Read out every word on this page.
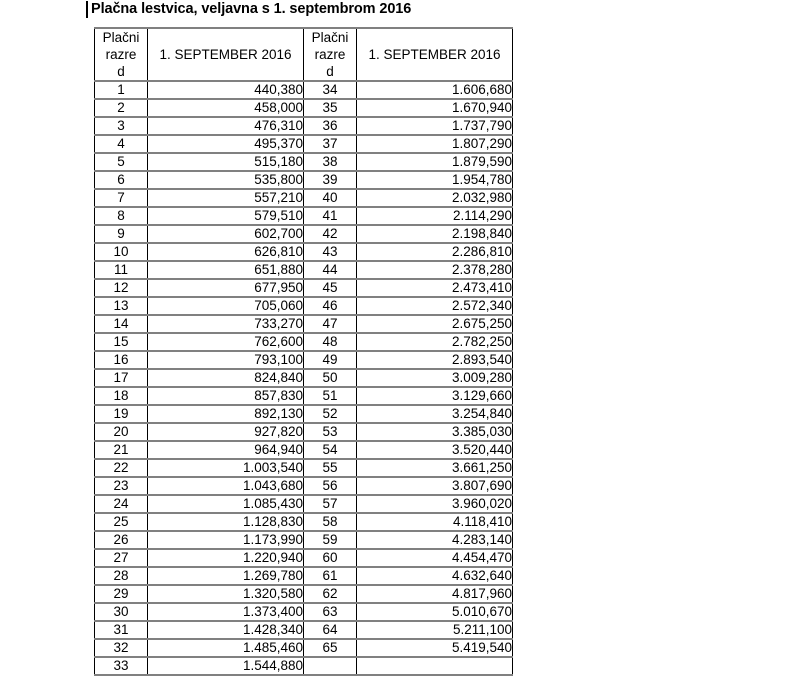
Plačna lestvica, veljavna s 1. septembrom 2016
Plačni
razre
d	1. SEPTEMBER 2016	Plačni
razre
d	1. SEPTEMBER 2016
1	440,380	34	1.606,680
2	458,000	35	1.670,940
3	476,310	36	1.737,790
4	495,370	37	1.807,290
5	515,180	38	1.879,590
6	535,800	39	1.954,780
7	557,210	40	2.032,980
8	579,510	41	2.114,290
9	602,700	42	2.198,840
10	626,810	43	2.286,810
11	651,880	44	2.378,280
12	677,950	45	2.473,410
13	705,060	46	2.572,340
14	733,270	47	2.675,250
15	762,600	48	2.782,250
16	793,100	49	2.893,540
17	824,840	50	3.009,280
18	857,830	51	3.129,660
19	892,130	52	3.254,840
20	927,820	53	3.385,030
21	964,940	54	3.520,440
22	1.003,540	55	3.661,250
23	1.043,680	56	3.807,690
24	1.085,430	57	3.960,020
25	1.128,830	58	4.118,410
26	1.173,990	59	4.283,140
27	1.220,940	60	4.454,470
28	1.269,780	61	4.632,640
29	1.320,580	62	4.817,960
30	1.373,400	63	5.010,670
31	1.428,340	64	5.211,100
32	1.485,460	65	5.419,540
33	1.544,880		
